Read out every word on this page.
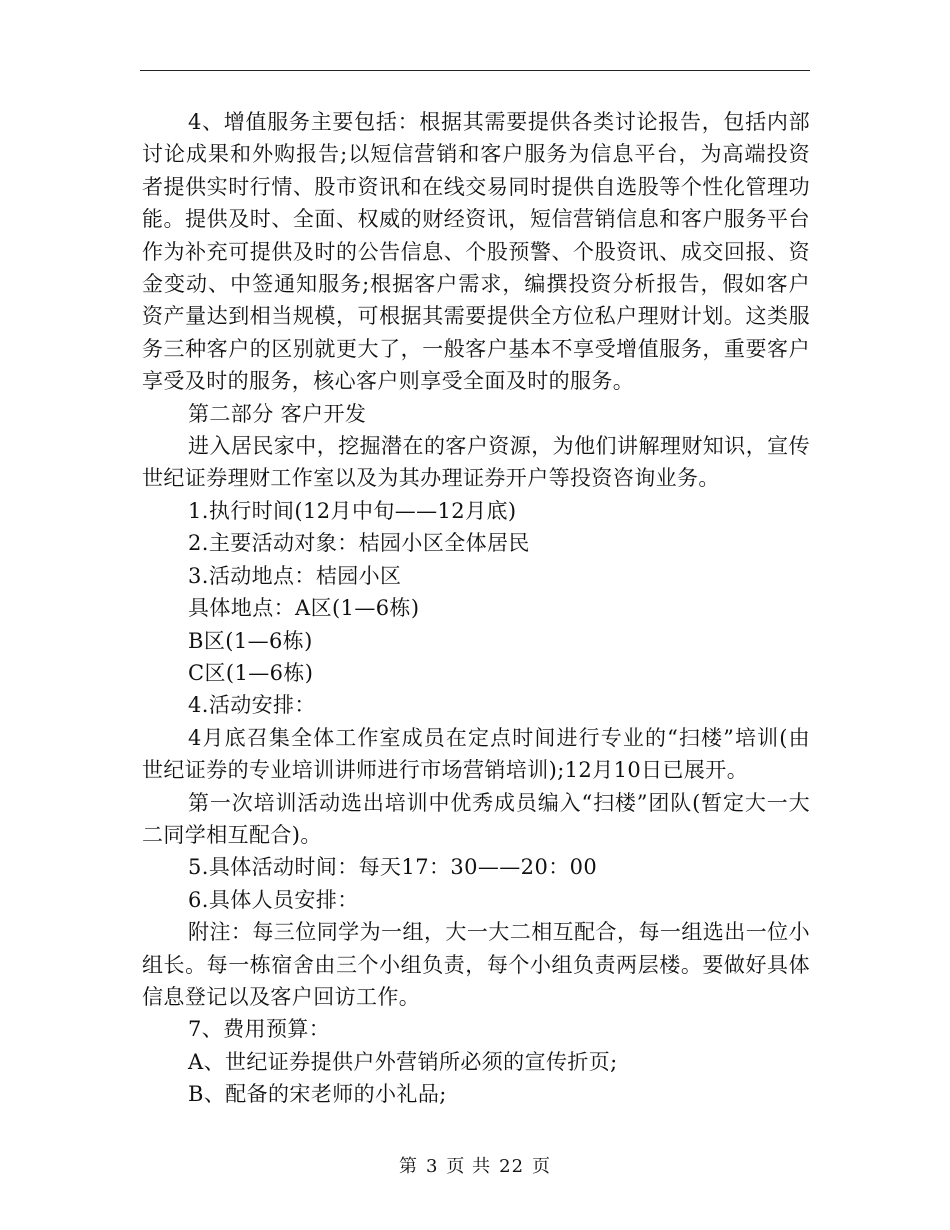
4、增值服务主要包括：根据其需要提供各类讨论报告，包括内部讨论成果和外购报告;以短信营销和客户服务为信息平台，为高端投资者提供实时行情、股市资讯和在线交易同时提供自选股等个性化管理功能。提供及时、全面、权威的财经资讯，短信营销信息和客户服务平台作为补充可提供及时的公告信息、个股预警、个股资讯、成交回报、资金变动、中签通知服务;根据客户需求，编撰投资分析报告，假如客户资产量达到相当规模，可根据其需要提供全方位私户理财计划。这类服务三种客户的区别就更大了，一般客户基本不享受增值服务，重要客户享受及时的服务，核心客户则享受全面及时的服务。

第二部分 客户开发

进入居民家中，挖掘潜在的客户资源，为他们讲解理财知识，宣传世纪证券理财工作室以及为其办理证券开户等投资咨询业务。

1.执行时间(12月中旬——12月底)

2.主要活动对象：桔园小区全体居民

3.活动地点：桔园小区

具体地点：A区(1—6栋)

B区(1—6栋)

C区(1—6栋)

4.活动安排：

4月底召集全体工作室成员在定点时间进行专业的“扫楼”培训(由世纪证券的专业培训讲师进行市场营销培训);12月10日已展开。

第一次培训活动选出培训中优秀成员编入“扫楼”团队(暂定大一大二同学相互配合)。

5.具体活动时间：每天17：30——20：00

6.具体人员安排：

附注：每三位同学为一组，大一大二相互配合，每一组选出一位小组长。每一栋宿舍由三个小组负责，每个小组负责两层楼。要做好具体信息登记以及客户回访工作。

7、费用预算：

A、世纪证券提供户外营销所必须的宣传折页;

B、配备的宋老师的小礼品;

第 3 页 共 22 页
